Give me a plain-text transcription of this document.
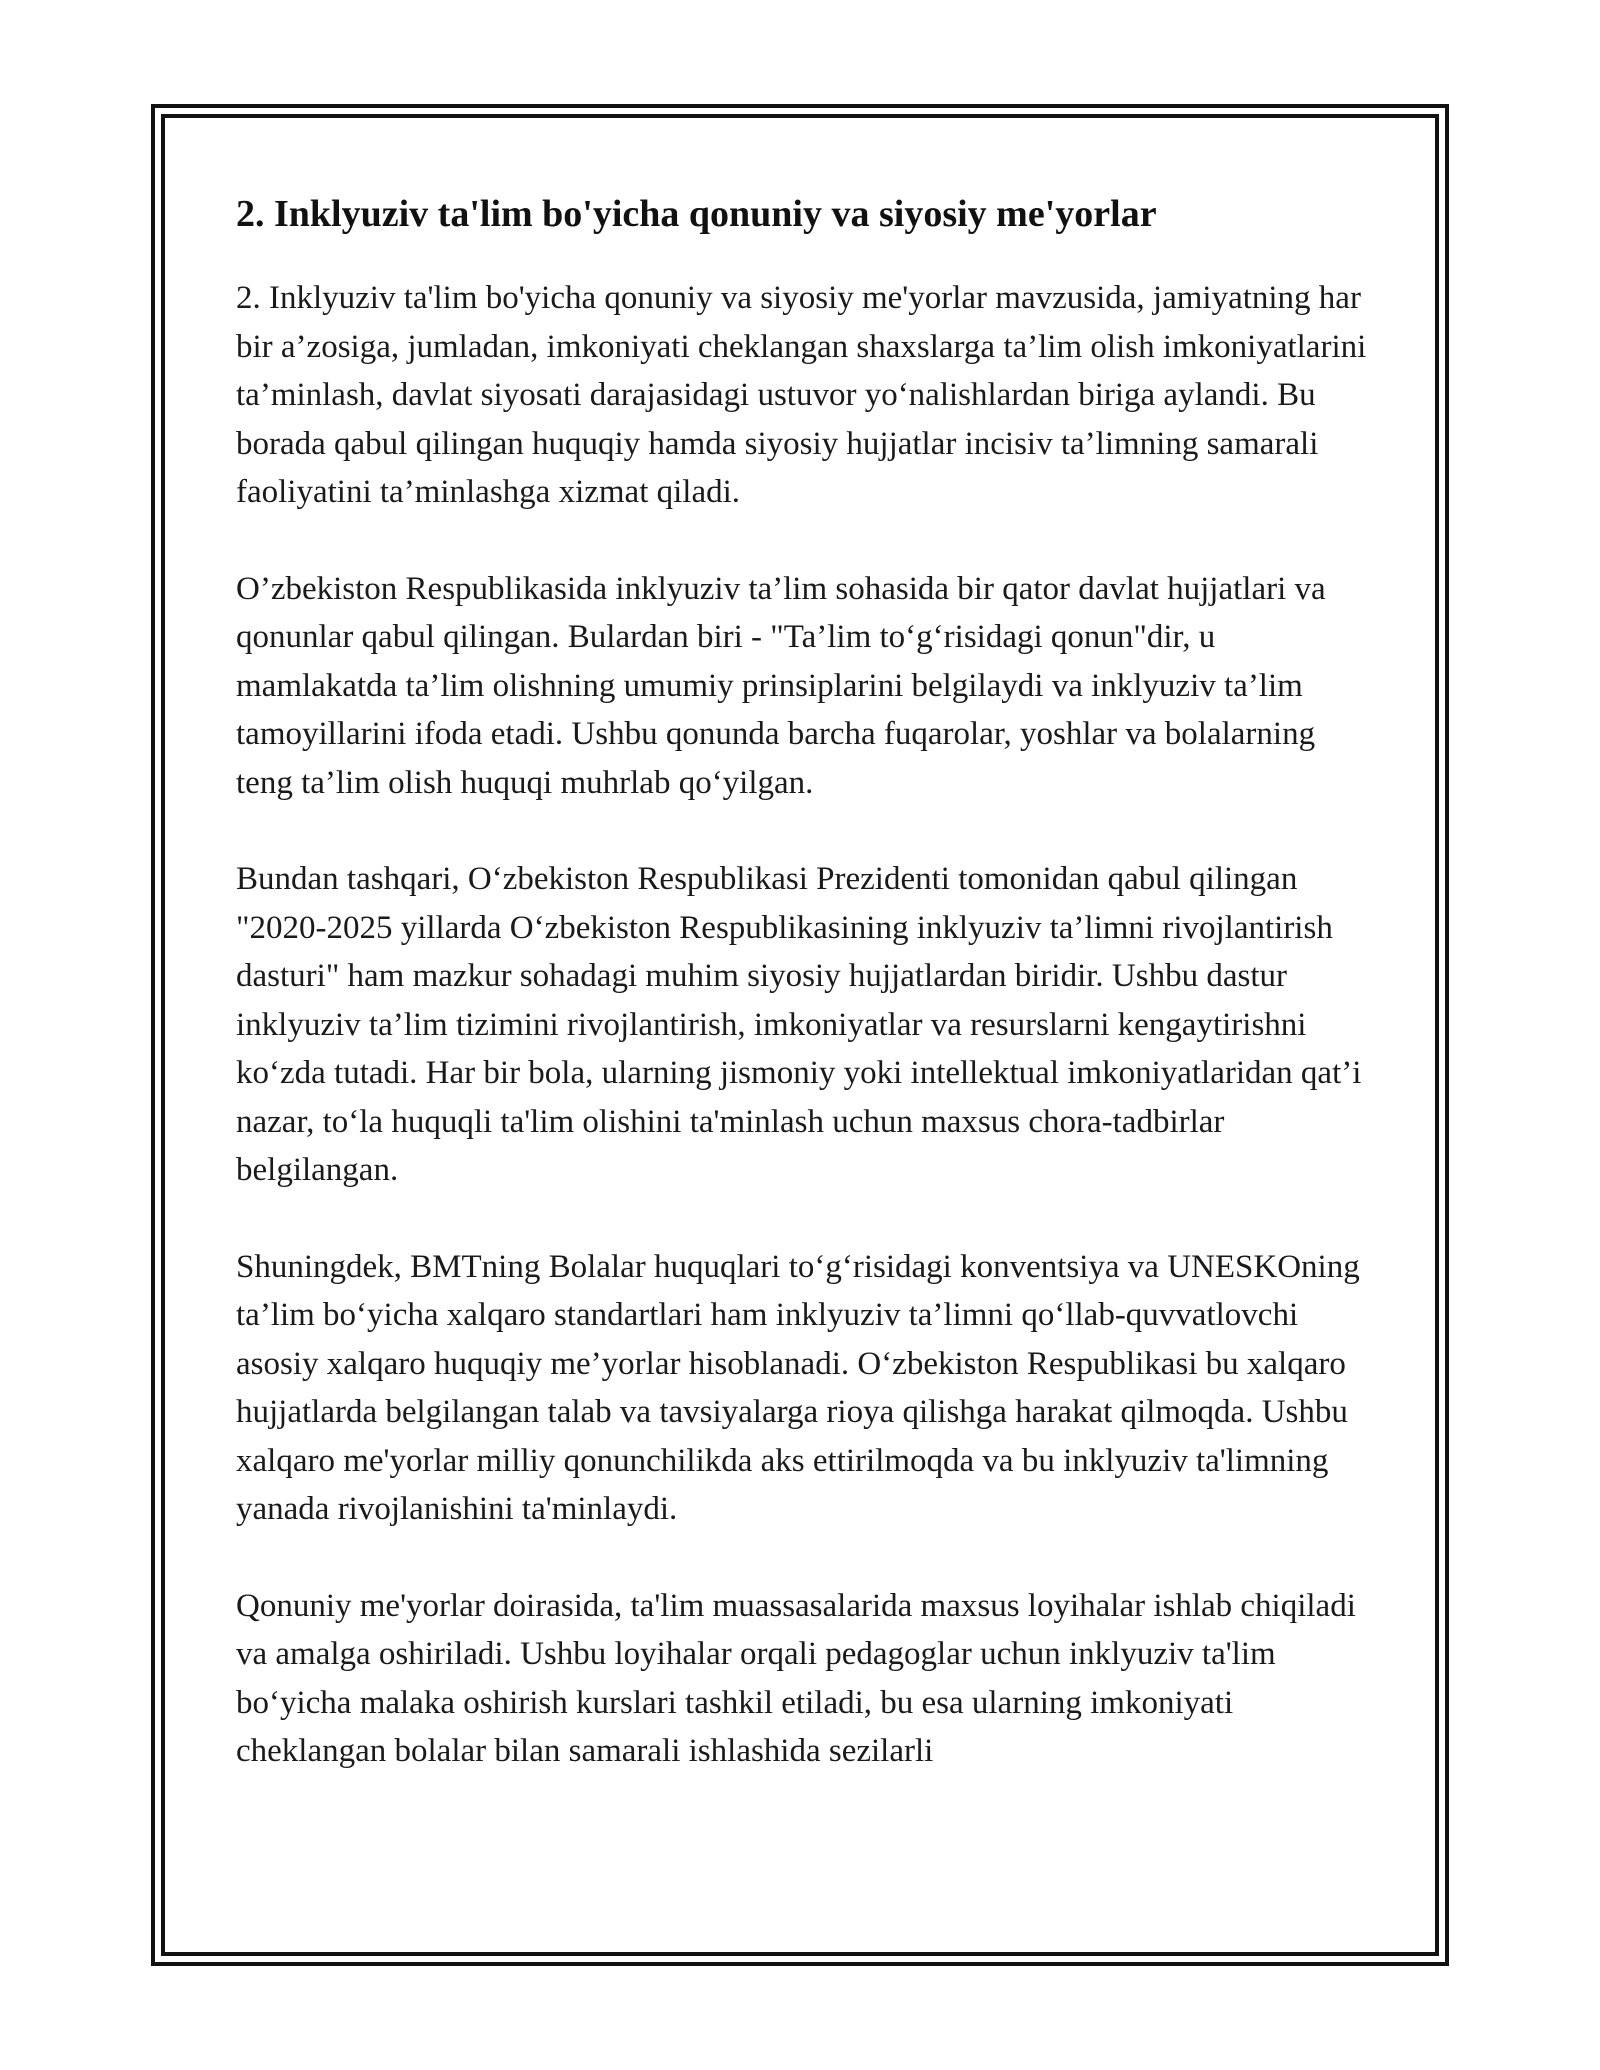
2. Inklyuziv ta'lim bo'yicha qonuniy va siyosiy me'yorlar

2. Inklyuziv ta'lim bo'yicha qonuniy va siyosiy me'yorlar mavzusida, jamiyatning har bir a’zosiga, jumladan, imkoniyati cheklangan shaxslarga ta’lim olish imkoniyatlarini ta’minlash, davlat siyosati darajasidagi ustuvor yo‘nalishlardan biriga aylandi. Bu borada qabul qilingan huquqiy hamda siyosiy hujjatlar incisiv ta’limning samarali faoliyatini ta’minlashga xizmat qiladi.

O’zbekiston Respublikasida inklyuziv ta’lim sohasida bir qator davlat hujjatlari va qonunlar qabul qilingan. Bulardan biri - "Ta’lim to‘g‘risidagi qonun"dir, u mamlakatda ta’lim olishning umumiy prinsiplarini belgilaydi va inklyuziv ta’lim tamoyillarini ifoda etadi. Ushbu qonunda barcha fuqarolar, yoshlar va bolalarning teng ta’lim olish huquqi muhrlab qo‘yilgan.

Bundan tashqari, O‘zbekiston Respublikasi Prezidenti tomonidan qabul qilingan "2020-2025 yillarda O‘zbekiston Respublikasining inklyuziv ta’limni rivojlantirish dasturi" ham mazkur sohadagi muhim siyosiy hujjatlardan biridir. Ushbu dastur inklyuziv ta’lim tizimini rivojlantirish, imkoniyatlar va resurslarni kengaytirishni ko‘zda tutadi. Har bir bola, ularning jismoniy yoki intellektual imkoniyatlaridan qat’i nazar, to‘la huquqli ta'lim olishini ta'minlash uchun maxsus chora-tadbirlar belgilangan.

Shuningdek, BMTning Bolalar huquqlari to‘g‘risidagi konventsiya va UNESKOning ta’lim bo‘yicha xalqaro standartlari ham inklyuziv ta’limni qo‘llab-quvvatlovchi asosiy xalqaro huquqiy me’yorlar hisoblanadi. O‘zbekiston Respublikasi bu xalqaro hujjatlarda belgilangan talab va tavsiyalarga rioya qilishga harakat qilmoqda. Ushbu xalqaro me'yorlar milliy qonunchilikda aks ettirilmoqda va bu inklyuziv ta'limning yanada rivojlanishini ta'minlaydi.

Qonuniy me'yorlar doirasida, ta'lim muassasalarida maxsus loyihalar ishlab chiqiladi va amalga oshiriladi. Ushbu loyihalar orqali pedagoglar uchun inklyuziv ta'lim bo‘yicha malaka oshirish kurslari tashkil etiladi, bu esa ularning imkoniyati cheklangan bolalar bilan samarali ishlashida sezilarli
